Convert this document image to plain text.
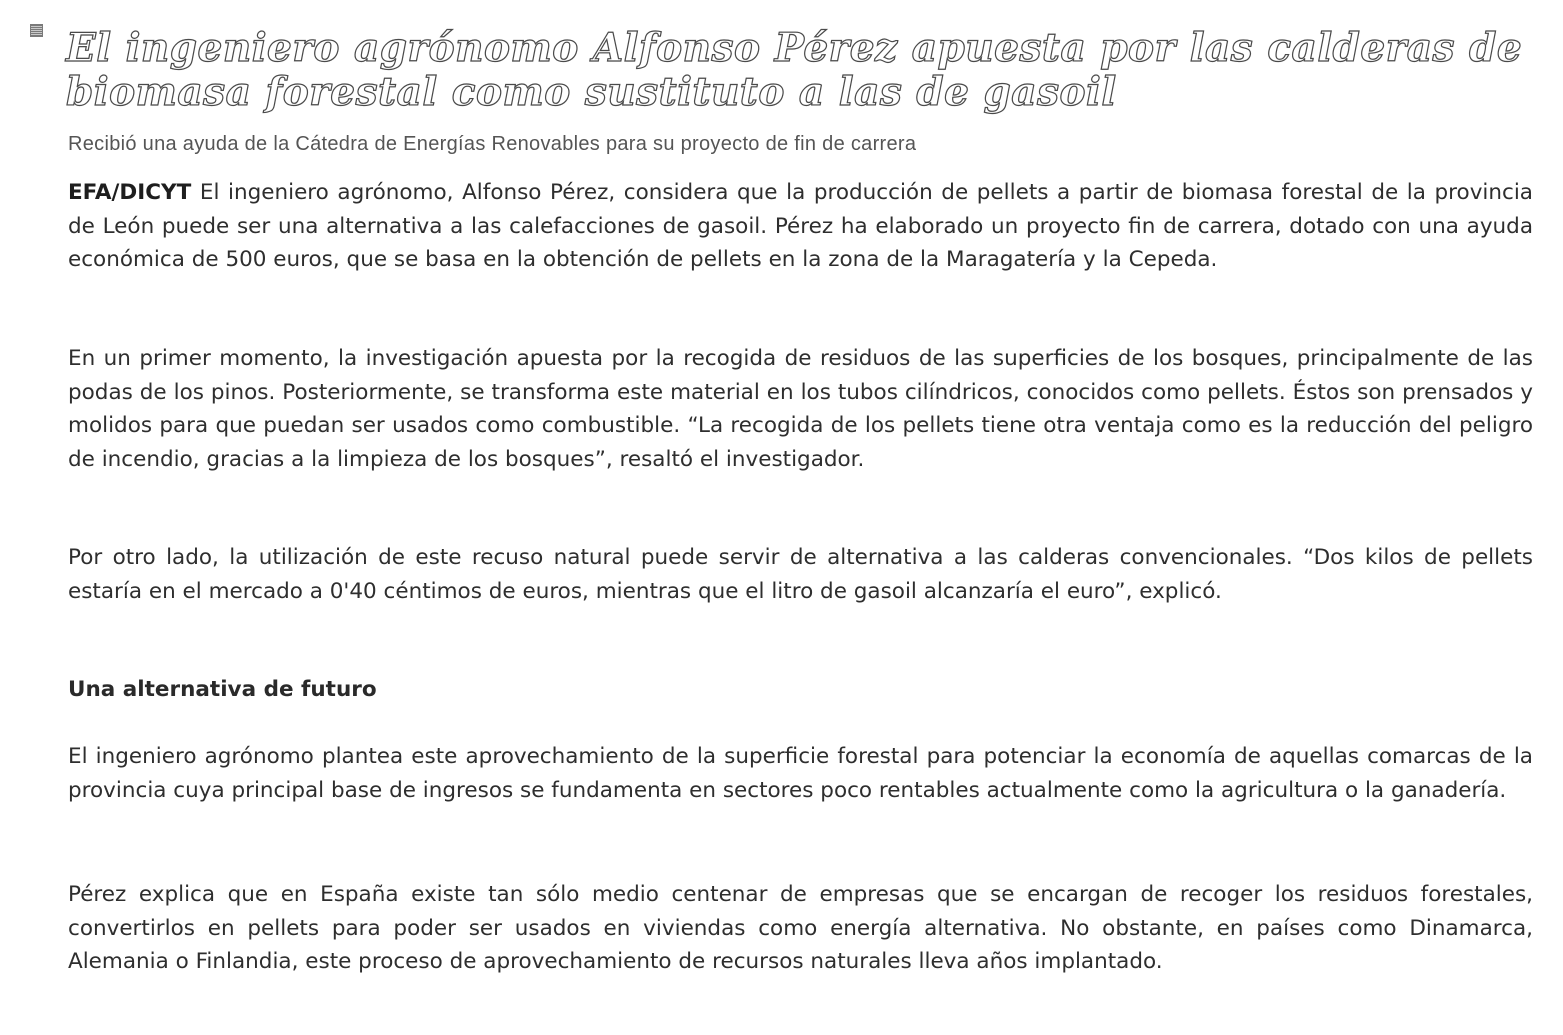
El ingeniero agrónomo Alfonso Pérez apuesta por las calderas de biomasa forestal como sustituto a las de gasoil

Recibió una ayuda de la Cátedra de Energías Renovables para su proyecto de fin de carrera

EFA/DICYT El ingeniero agrónomo, Alfonso Pérez, considera que la producción de pellets a partir de biomasa forestal de la provincia de León puede ser una alternativa a las calefacciones de gasoil. Pérez ha elaborado un proyecto fin de carrera, dotado con una ayuda económica de 500 euros, que se basa en la obtención de pellets en la zona de la Maragatería y la Cepeda.

En un primer momento, la investigación apuesta por la recogida de residuos de las superficies de los bosques, principalmente de las podas de los pinos. Posteriormente, se transforma este material en los tubos cilíndricos, conocidos como pellets. Éstos son prensados y molidos para que puedan ser usados como combustible. “La recogida de los pellets tiene otra ventaja como es la reducción del peligro de incendio, gracias a la limpieza de los bosques”, resaltó el investigador.

Por otro lado, la utilización de este recuso natural puede servir de alternativa a las calderas convencionales. “Dos kilos de pellets estaría en el mercado a 0'40 céntimos de euros, mientras que el litro de gasoil alcanzaría el euro”, explicó.

Una alternativa de futuro

El ingeniero agrónomo plantea este aprovechamiento de la superficie forestal para potenciar la economía de aquellas comarcas de la provincia cuya principal base de ingresos se fundamenta en sectores poco rentables actualmente como la agricultura o la ganadería.

Pérez explica que en España existe tan sólo medio centenar de empresas que se encargan de recoger los residuos forestales, convertirlos en pellets para poder ser usados en viviendas como energía alternativa. No obstante, en países como Dinamarca, Alemania o Finlandia, este proceso de aprovechamiento de recursos naturales lleva años implantado.
